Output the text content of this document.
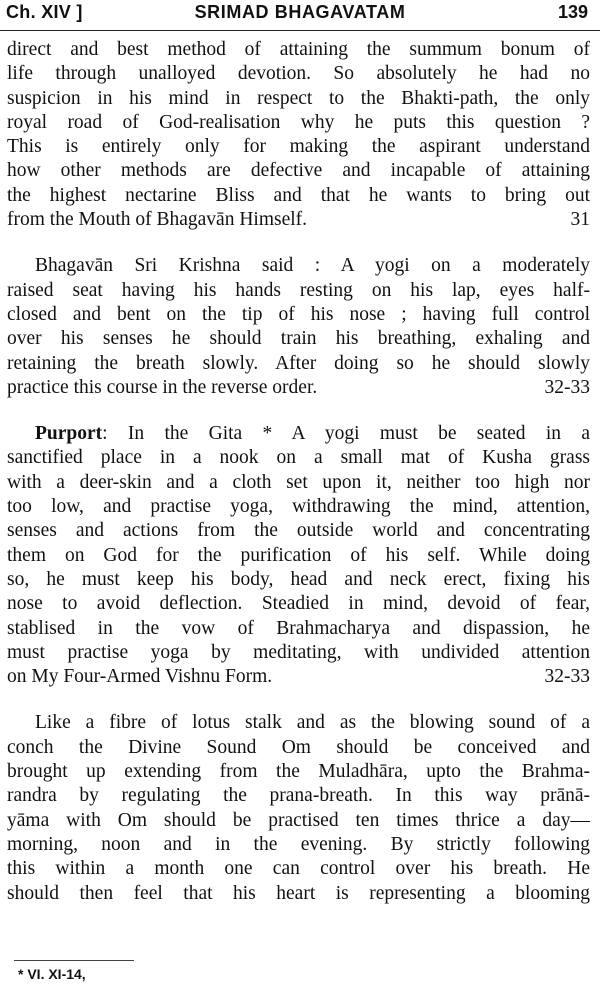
Ch. XIV ]	SRIMAD BHAGAVATAM	139
direct and best method of attaining the summum bonum of
life through unalloyed devotion. So absolutely he had no
suspicion in his mind in respect to the Bhakti-path, the only
royal road of God-realisation why he puts this question ?
This is entirely only for making the aspirant understand
how other methods are defective and incapable of attaining
the highest nectarine Bliss and that he wants to bring out
from the Mouth of Bhagavān Himself.	31
Bhagavān Sri Krishna said : A yogi on a moderately
raised seat having his hands resting on his lap, eyes half-
closed and bent on the tip of his nose ; having full control
over his senses he should train his breathing, exhaling and
retaining the breath slowly. After doing so he should slowly
practice this course in the reverse order.	32-33
Purport: In the Gita * A yogi must be seated in a
sanctified place in a nook on a small mat of Kusha grass
with a deer-skin and a cloth set upon it, neither too high nor
too low, and practise yoga, withdrawing the mind, attention,
senses and actions from the outside world and concentrating
them on God for the purification of his self. While doing
so, he must keep his body, head and neck erect, fixing his
nose to avoid deflection. Steadied in mind, devoid of fear,
stablised in the vow of Brahmacharya and dispassion, he
must practise yoga by meditating, with undivided attention
on My Four-Armed Vishnu Form.	32-33
Like a fibre of lotus stalk and as the blowing sound of a
conch the Divine Sound Om should be conceived and
brought up extending from the Muladhāra, upto the Brahma-
randra by regulating the prana-breath. In this way prānā-
yāma with Om should be practised ten times thrice a day—
morning, noon and in the evening. By strictly following
this within a month one can control over his breath. He
should then feel that his heart is representing a blooming
* VI. XI-14,
